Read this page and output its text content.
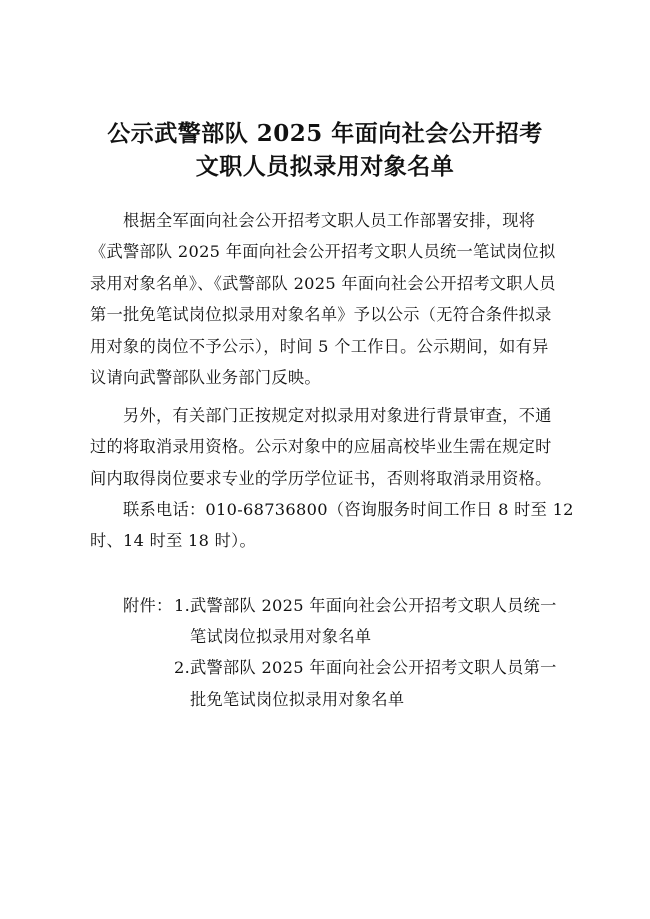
公示武警部队 2025 年面向社会公开招考
文职人员拟录用对象名单
根据全军面向社会公开招考文职人员工作部署安排，现将
《武警部队 2025 年面向社会公开招考文职人员统一笔试岗位拟
录用对象名单》、《武警部队 2025 年面向社会公开招考文职人员
第一批免笔试岗位拟录用对象名单》予以公示（无符合条件拟录
用对象的岗位不予公示），时间 5 个工作日。公示期间，如有异
议请向武警部队业务部门反映。
另外，有关部门正按规定对拟录用对象进行背景审查，不通
过的将取消录用资格。公示对象中的应届高校毕业生需在规定时
间内取得岗位要求专业的学历学位证书，否则将取消录用资格。
联系电话：010-68736800（咨询服务时间工作日 8 时至 12
时、14 时至 18 时）。
附件： 1.武警部队 2025 年面向社会公开招考文职人员统一
笔试岗位拟录用对象名单
2.武警部队 2025 年面向社会公开招考文职人员第一
批免笔试岗位拟录用对象名单
